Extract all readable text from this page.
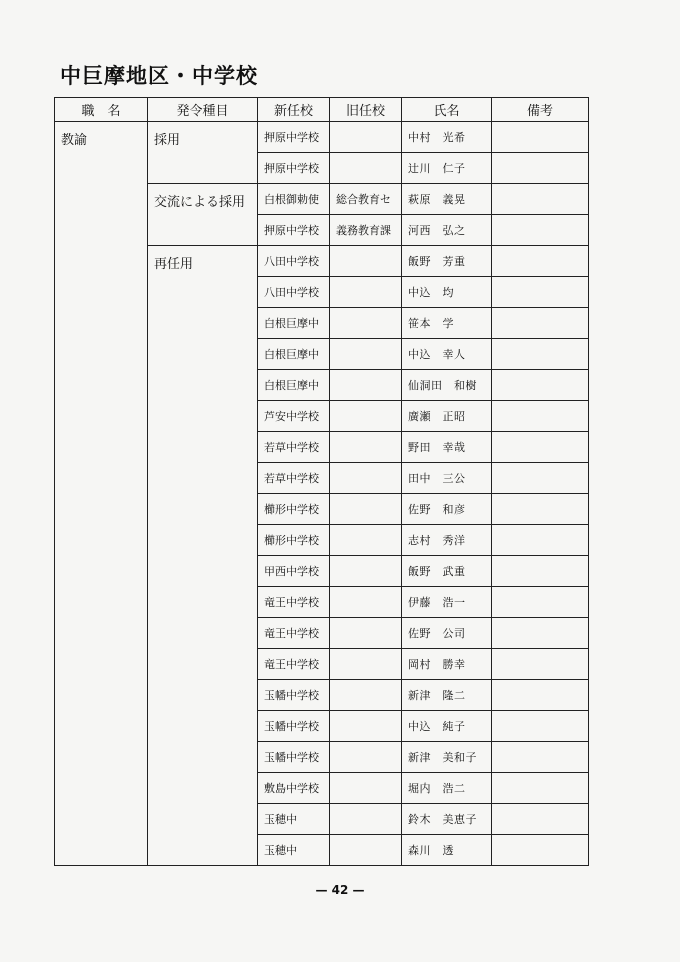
中巨摩地区・中学校
職　名	発令種目	新任校	旧任校	氏名	備考
教諭	採用	押原中学校		中村　光希	
		押原中学校		辻川　仁子	
	交流による採用	白根御勅使	総合教育セ	萩原　義晃	
		押原中学校	義務教育課	河西　弘之	
	再任用	八田中学校		飯野　芳重	
		八田中学校		中込　均	
		白根巨摩中		笹本　学	
		白根巨摩中		中込　幸人	
		白根巨摩中		仙洞田　和樹	
		芦安中学校		廣瀬　正昭	
		若草中学校		野田　幸哉	
		若草中学校		田中　三公	
		櫛形中学校		佐野　和彦	
		櫛形中学校		志村　秀洋	
		甲西中学校		飯野　武重	
		竜王中学校		伊藤　浩一	
		竜王中学校		佐野　公司	
		竜王中学校		岡村　勝幸	
		玉幡中学校		新津　隆二	
		玉幡中学校		中込　純子	
		玉幡中学校		新津　美和子	
		敷島中学校		堀内　浩二	
		玉穂中		鈴木　美恵子	
		玉穂中		森川　透	
— 42 —
